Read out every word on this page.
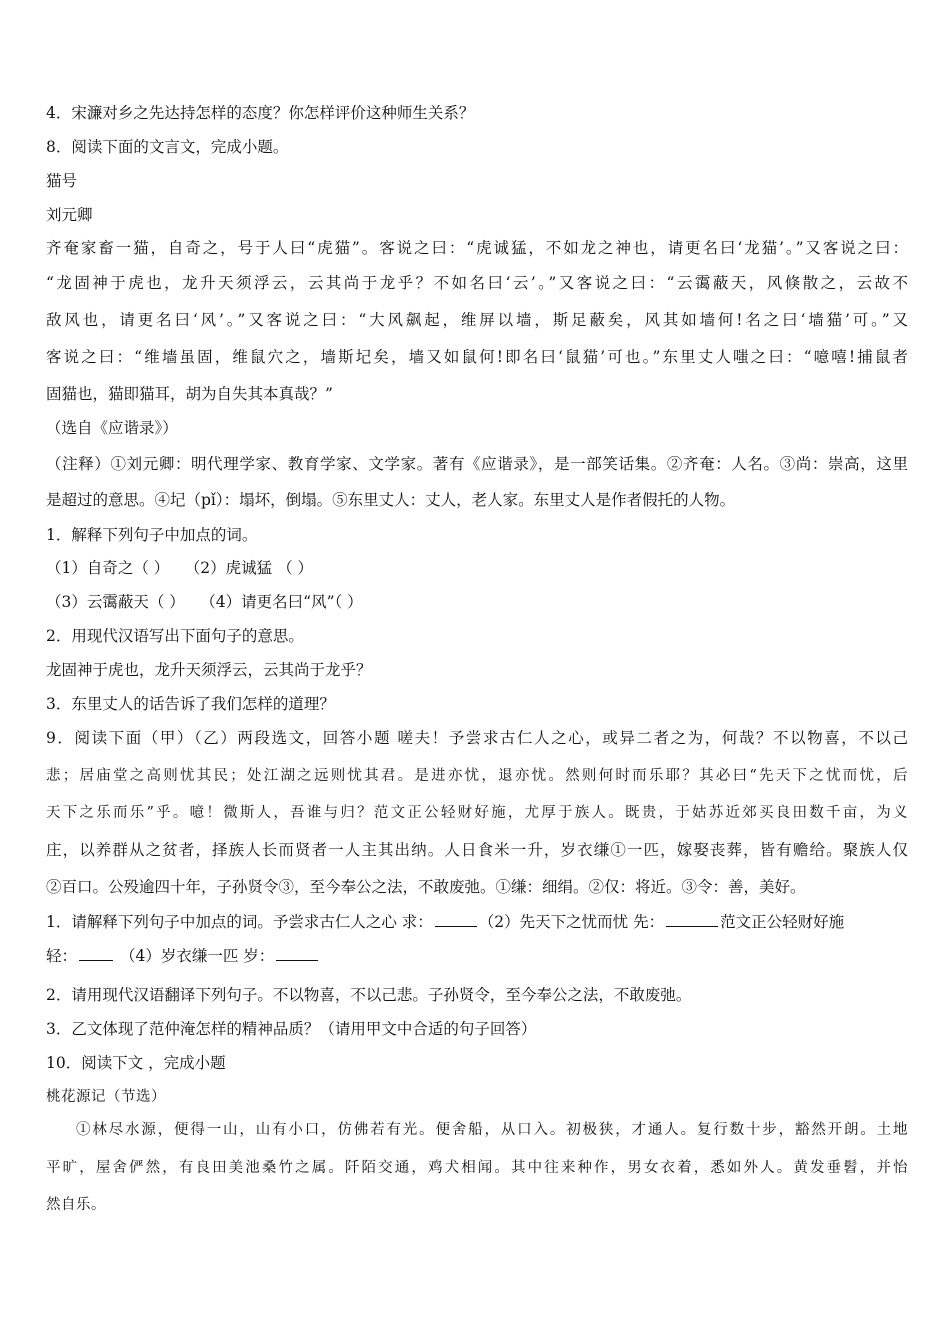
4．宋濂对乡之先达持怎样的态度？你怎样评价这种师生关系？
8．阅读下面的文言文，完成小题。
猫号
刘元卿
齐奄家畜一猫，自奇之，号于人曰“虎猫”。客说之曰：“虎诚猛，不如龙之神也，请更名曰‘龙猫’。”又客说之曰：
“龙固神于虎也，龙升天须浮云，云其尚于龙乎？不如名曰‘云’。”又客说之曰：“云霭蔽天，风倏散之，云故不
敌风也，请更名曰‘风’。”又客说之曰：“大风飙起，维屏以墙，斯足蔽矣，风其如墙何!名之曰‘墙猫’可。”又
客说之曰：“维墙虽固，维鼠穴之，墙斯圮矣，墙又如鼠何!即名曰‘鼠猫’可也。”东里丈人嗤之曰：“噫嘻!捕鼠者
固猫也，猫即猫耳，胡为自失其本真哉？”
（选自《应谐录》）
（注释）①刘元卿：明代理学家、教育学家、文学家。著有《应谐录》，是一部笑话集。②齐奄：人名。③尚：崇高，这里
是超过的意思。④圮（pǐ）：塌坏，倒塌。⑤东里丈人：丈人，老人家。东里丈人是作者假托的人物。
1．解释下列句子中加点的词。
（1）自奇之（ ）　　（2）虎诚猛 （ ）
（3）云霭蔽天（ ）　　（4）请更名曰“风”（ ）
2．用现代汉语写出下面句子的意思。
龙固神于虎也，龙升天须浮云，云其尚于龙乎？
3．东里丈人的话告诉了我们怎样的道理？
9．阅读下面（甲）（乙）两段选文，回答小题 嗟夫！予尝求古仁人之心，或异二者之为，何哉？不以物喜，不以己
悲；居庙堂之高则忧其民；处江湖之远则忧其君。是进亦忧，退亦忧。然则何时而乐耶？其必曰“先天下之忧而忧，后
天下之乐而乐”乎。噫！微斯人，吾谁与归？范文正公轻财好施，尤厚于族人。既贵，于姑苏近郊买良田数千亩，为义
庄，以养群从之贫者，择族人长而贤者一人主其出纳。人日食米一升，岁衣缣①一匹，嫁娶丧葬，皆有赡给。聚族人仅
②百口。公殁逾四十年，子孙贤令③，至今奉公之法，不敢废弛。①缣：细绢。②仅：将近。③令：善，美好。
1．请解释下列句子中加点的词。予尝求古仁人之心 求：	（2）先天下之忧而忧 先：	范文正公轻财好施
轻：	（4）岁衣缣一匹 岁：
2．请用现代汉语翻译下列句子。不以物喜，不以己悲。子孙贤令，至今奉公之法，不敢废弛。
3．乙文体现了范仲淹怎样的精神品质？（请用甲文中合适的句子回答）
10．阅读下文 ，完成小题
桃花源记（节选）
①林尽水源，便得一山，山有小口，仿佛若有光。便舍船，从口入。初极狭，才通人。复行数十步，豁然开朗。土地
平旷，屋舍俨然，有良田美池桑竹之属。阡陌交通，鸡犬相闻。其中往来种作，男女衣着，悉如外人。黄发垂髫，并怡
然自乐。
